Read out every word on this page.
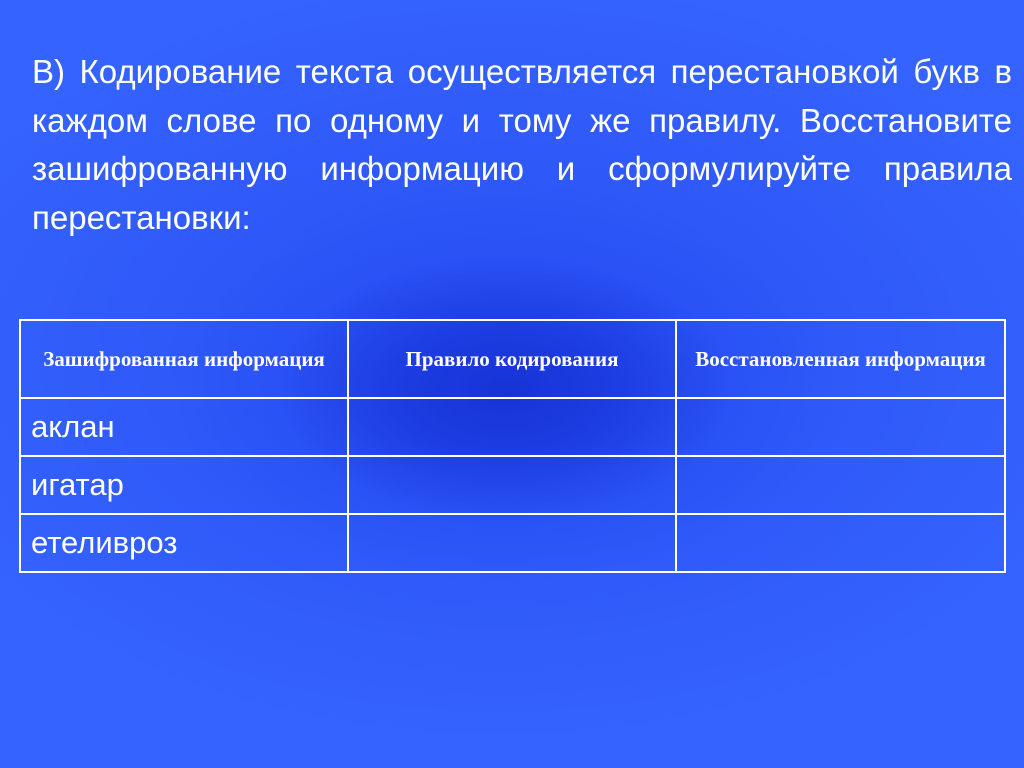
В) Кодирование текста осуществляется перестановкой букв в каждом слове по одному и тому же правилу. Восстановите зашифрованную информацию и сформулируйте правила перестановки:

Зашифрованная информация	Правило кодирования	Восстановленная информация
аклан		
игатар		
етеливроз		
